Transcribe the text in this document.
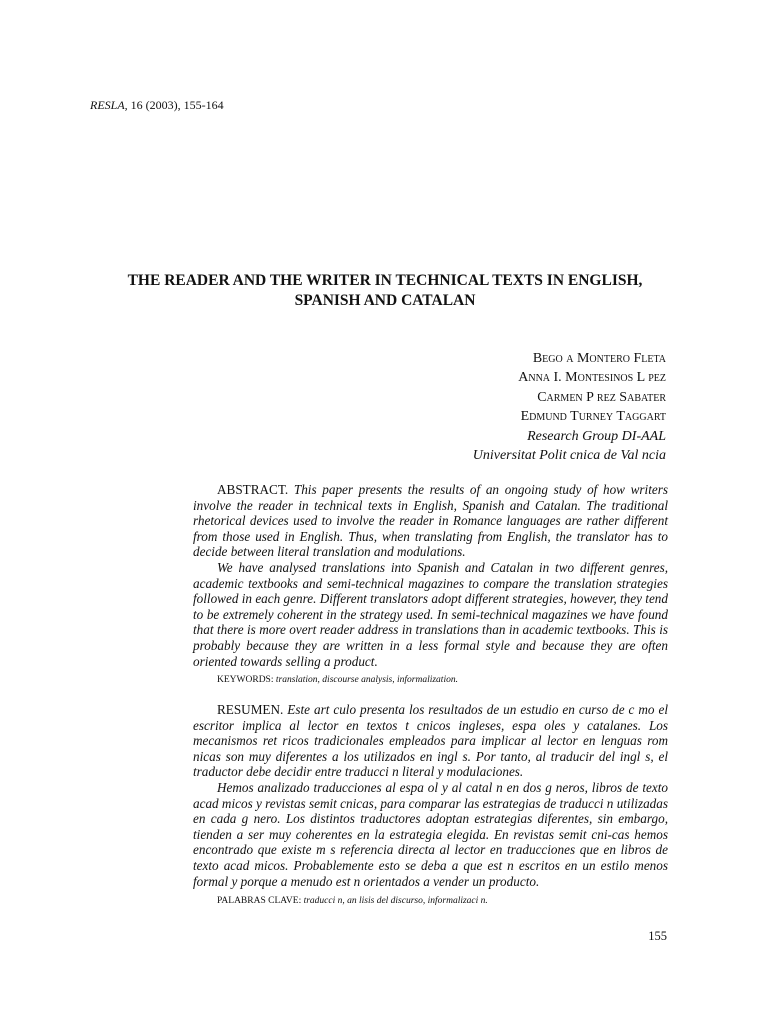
RESLA, 16 (2003), 155-164
THE READER AND THE WRITER IN TECHNICAL TEXTS IN ENGLISH,
SPANISH AND CATALAN
Bego a Montero Fleta
Anna I. Montesinos L pez
Carmen P rez Sabater
Edmund Turney Taggart
Research Group DI-AAL
Universitat Polit cnica de Val ncia

ABSTRACT. This paper presents the results of an ongoing study of how writers involve the reader in technical texts in English, Spanish and Catalan. The traditional rhetorical devices used to involve the reader in Romance languages are rather different from those used in English. Thus, when translating from English, the translator has to decide between literal translation and modulations.

We have analysed translations into Spanish and Catalan in two different genres, academic textbooks and semi-technical magazines to compare the translation strategies followed in each genre. Different translators adopt different strategies, however, they tend to be extremely coherent in the strategy used. In semi-technical magazines we have found that there is more overt reader address in translations than in academic textbooks. This is probably because they are written in a less formal style and because they are often oriented towards selling a product.

KEYWORDS: translation, discourse analysis, informalization.

RESUMEN. Este art culo presenta los resultados de un estudio en curso de c mo el escritor implica al lector en textos t cnicos ingleses, espa oles y catalanes. Los mecanismos ret ricos tradicionales empleados para implicar al lector en lenguas rom nicas son muy diferentes a los utilizados en ingl s. Por tanto, al traducir del ingl s, el traductor debe decidir entre traducci n literal y modulaciones.

Hemos analizado traducciones al espa ol y al catal n en dos g neros, libros de texto acad micos y revistas semit cnicas, para comparar las estrategias de traducci n utilizadas en cada g nero. Los distintos traductores adoptan estrategias diferentes, sin embargo, tienden a ser muy coherentes en la estrategia elegida. En revistas semit cni-cas hemos encontrado que existe m s referencia directa al lector en traducciones que en libros de texto acad micos. Probablemente esto se deba a que est n escritos en un estilo menos formal y porque a menudo est n orientados a vender un producto.

PALABRAS CLAVE: traducci n, an lisis del discurso, informalizaci n.
155
